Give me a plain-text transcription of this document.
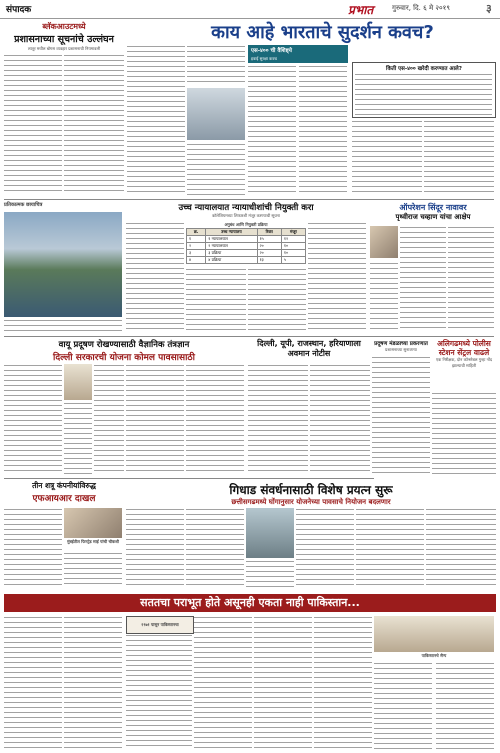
संपादक	प्रभात	गुरुवार, दि. ६ मे २०१९	३
ब्लॅकआउटमध्ये
प्रशासनाच्या सूचनांचे उल्लंघन
लातूर मधील बोगस व्यवहार प्रशासनाची नियमावली
काय आहे भारताचे सुदर्शन कवच?
एस-४०० ची वैशिष्ट्ये
हवाई सुरक्षा कवच
किती एस-४०० खरेदी करण्यात आले?
प्रतिकात्मक छायाचित्र	उच्च न्यायालयात न्यायाधीशांची नियुक्ती करा
कॉलेजियमच्या शिफारशी मंजूर करण्याची सूचना
अनुबंध आणि नियुक्ती प्रक्रिया
क्र.	उच्च न्यायालय	रिक्त	मंजूर
१	१ न्यायालयात	१५	१२
२	२ न्यायालयात	२०	१०
३	३ प्रक्रिया	२०	१०
४	४ प्रक्रिया	१३	५
ऑपरेशन सिंदूर नावावर
पृथ्वीराज चव्हाण यांचा आक्षेप
वायू प्रदूषण रोखण्यासाठी वैज्ञानिक तंत्रज्ञान
दिल्ली सरकारची योजना कोमल पावसासाठी
दिल्ली, यूपी, राजस्थान, हरियाणाला अवमान नोटीस
प्रदूषण मंडळाच्या प्रकरणात
प्रशासनाच्या सुनावण्या
अलिगढमध्ये पोलीस स्टेशन सेंट्रल वाढले
एक निरीक्षक, दोन कॉन्स्टेबल गुन्हा नोंद झाल्याची माहिती
तीन शत्रू कंपनीयांविरुद्ध
एफआयआर दाखल
मुंबईतील फिनट्रेड साईं यांची चौकशी
गिधाड संवर्धनासाठी विशेष प्रयत्न सुरू
छत्तीसगढमध्ये घोंगानुसार योजनेच्या पावसाचे नियोजन बदलणार
सततचा पराभूत होते असूनही एकता नाही पाकिस्तान...
१९७१ पासून पाकिस्तानचा
पाकिस्तानचे सैन्य
